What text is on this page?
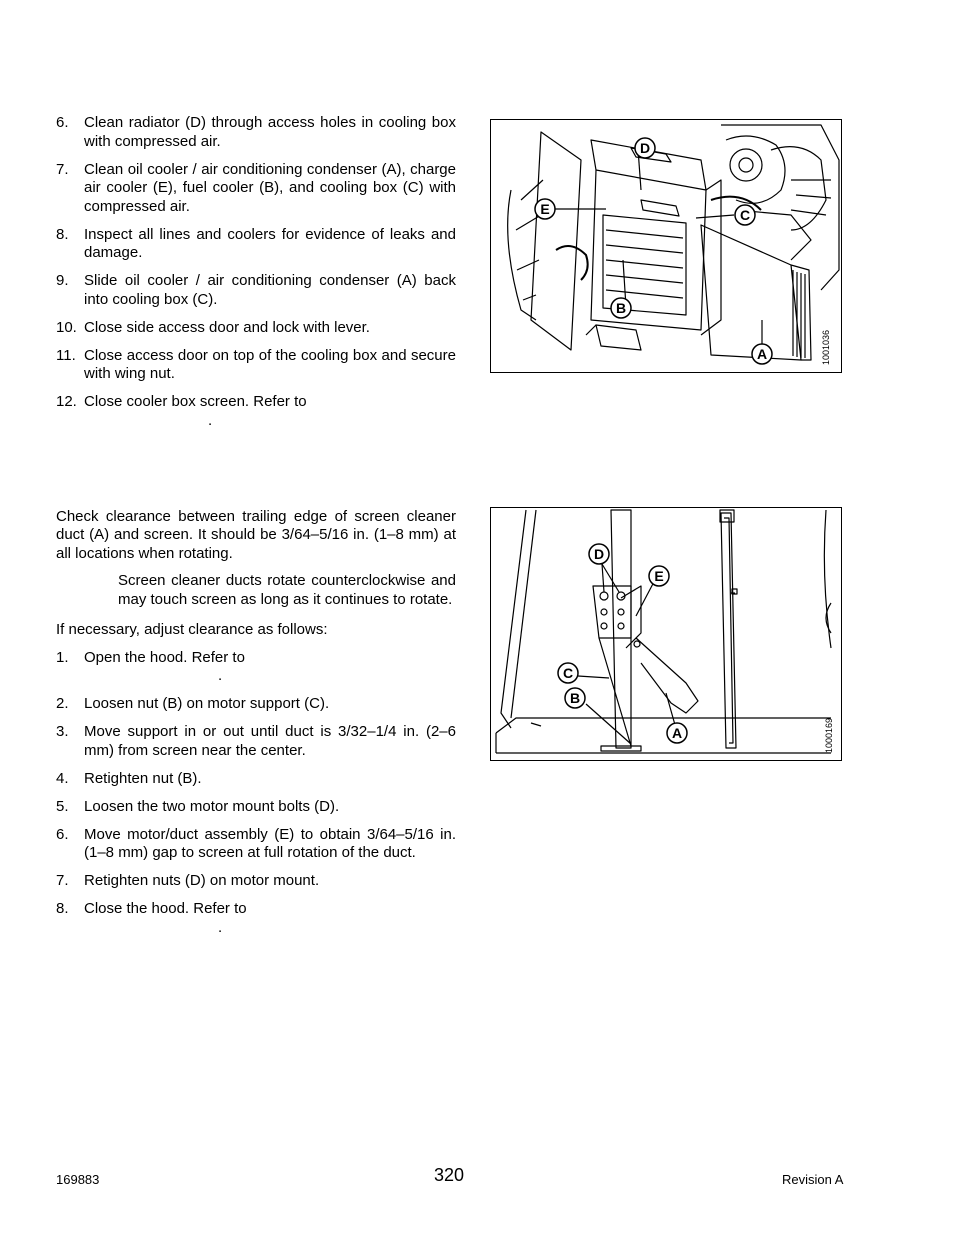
6.	Clean radiator (D) through access holes in cooling box with compressed air.
7.	Clean oil cooler / air conditioning condenser (A), charge air cooler (E), fuel cooler (B), and cooling box (C) with compressed air.
8.	Inspect all lines and coolers for evidence of leaks and damage.
9.	Slide oil cooler / air conditioning condenser (A) back into cooling box (C).
10. Close side access door and lock with lever.
11. Close access door on top of the cooling box and secure with wing nut.
12. Close cooler box screen. Refer to
.
Check clearance between trailing edge of screen cleaner duct (A) and screen. It should be 3/64–5/16 in. (1–8 mm) at all locations when rotating.
Screen cleaner ducts rotate counterclockwise and may touch screen as long as it continues to rotate.
If necessary, adjust clearance as follows:
1.	Open the hood. Refer to
.
2.	Loosen nut (B) on motor support (C).
3.	Move support in or out until duct is 3/32–1/4 in. (2–6 mm) from screen near the center.
4.	Retighten nut (B).
5.	Loosen the two motor mount bolts (D).
6.	Move motor/duct assembly (E) to obtain 3/64–5/16 in. (1–8 mm) gap to screen at full rotation of the duct.
7.	Retighten nuts (D) on motor mount.
8.	Close the hood. Refer to
.
D
E	C
B
A	1001036
D
E
C
B
A	1000169
169883	320	Revision A
